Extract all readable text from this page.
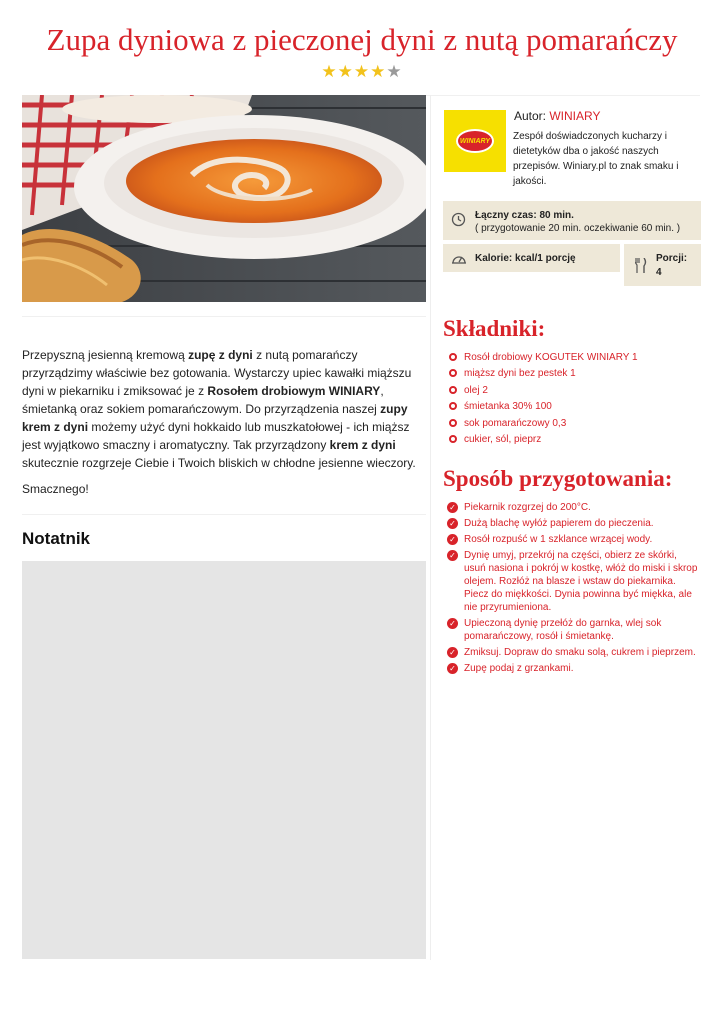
Zupa dyniowa z pieczonej dyni z nutą pomarańczy
★★★★★
WINIARY
Autor: WINIARY
Zespół doświadczonych kucharzy i dietetyków dba o jakość naszych przepisów. Winiary.pl to znak smaku i jakości.
Łączny czas: 80 min.
( przygotowanie 20 min. oczekiwanie 60 min. )
Kalorie: kcal/1 porcję	Porcji:
4

Przepyszną jesienną kremową zupę z dyni z nutą pomarańczy przyrządzimy właściwie bez gotowania. Wystarczy upiec kawałki miąższu dyni w piekarniku i zmiksować je z Rosołem drobiowym WINIARY, śmietanką oraz sokiem pomarańczowym. Do przyrządzenia naszej zupy krem z dyni możemy użyć dyni hokkaido lub muszkatołowej - ich miąższ jest wyjątkowo smaczny i aromatyczny. Tak przyrządzony krem z dyni skutecznie rozgrzeje Ciebie i Twoich bliskich w chłodne jesienne wieczory.

Smacznego!

Notatnik
Składniki:
Rosół drobiowy KOGUTEK WINIARY 1
miąższ dyni bez pestek 1
olej 2
śmietanka 30% 100
sok pomarańczowy 0,3
cukier, sól, pieprz
Sposób przygotowania:
✓ Piekarnik rozgrzej do 200°C.
✓ Dużą blachę wyłóż papierem do pieczenia.
✓ Rosół rozpuść w 1 szklance wrzącej wody.
✓ Dynię umyj, przekrój na części, obierz ze skórki, usuń nasiona i pokrój w kostkę, włóż do miski i skrop olejem. Rozłóż na blasze i wstaw do piekarnika. Piecz do miękkości. Dynia powinna być miękka, ale nie przyrumieniona.
✓ Upieczoną dynię przełóż do garnka, wlej sok pomarańczowy, rosół i śmietankę.
✓ Zmiksuj. Dopraw do smaku solą, cukrem i pieprzem.
✓ Zupę podaj z grzankami.
